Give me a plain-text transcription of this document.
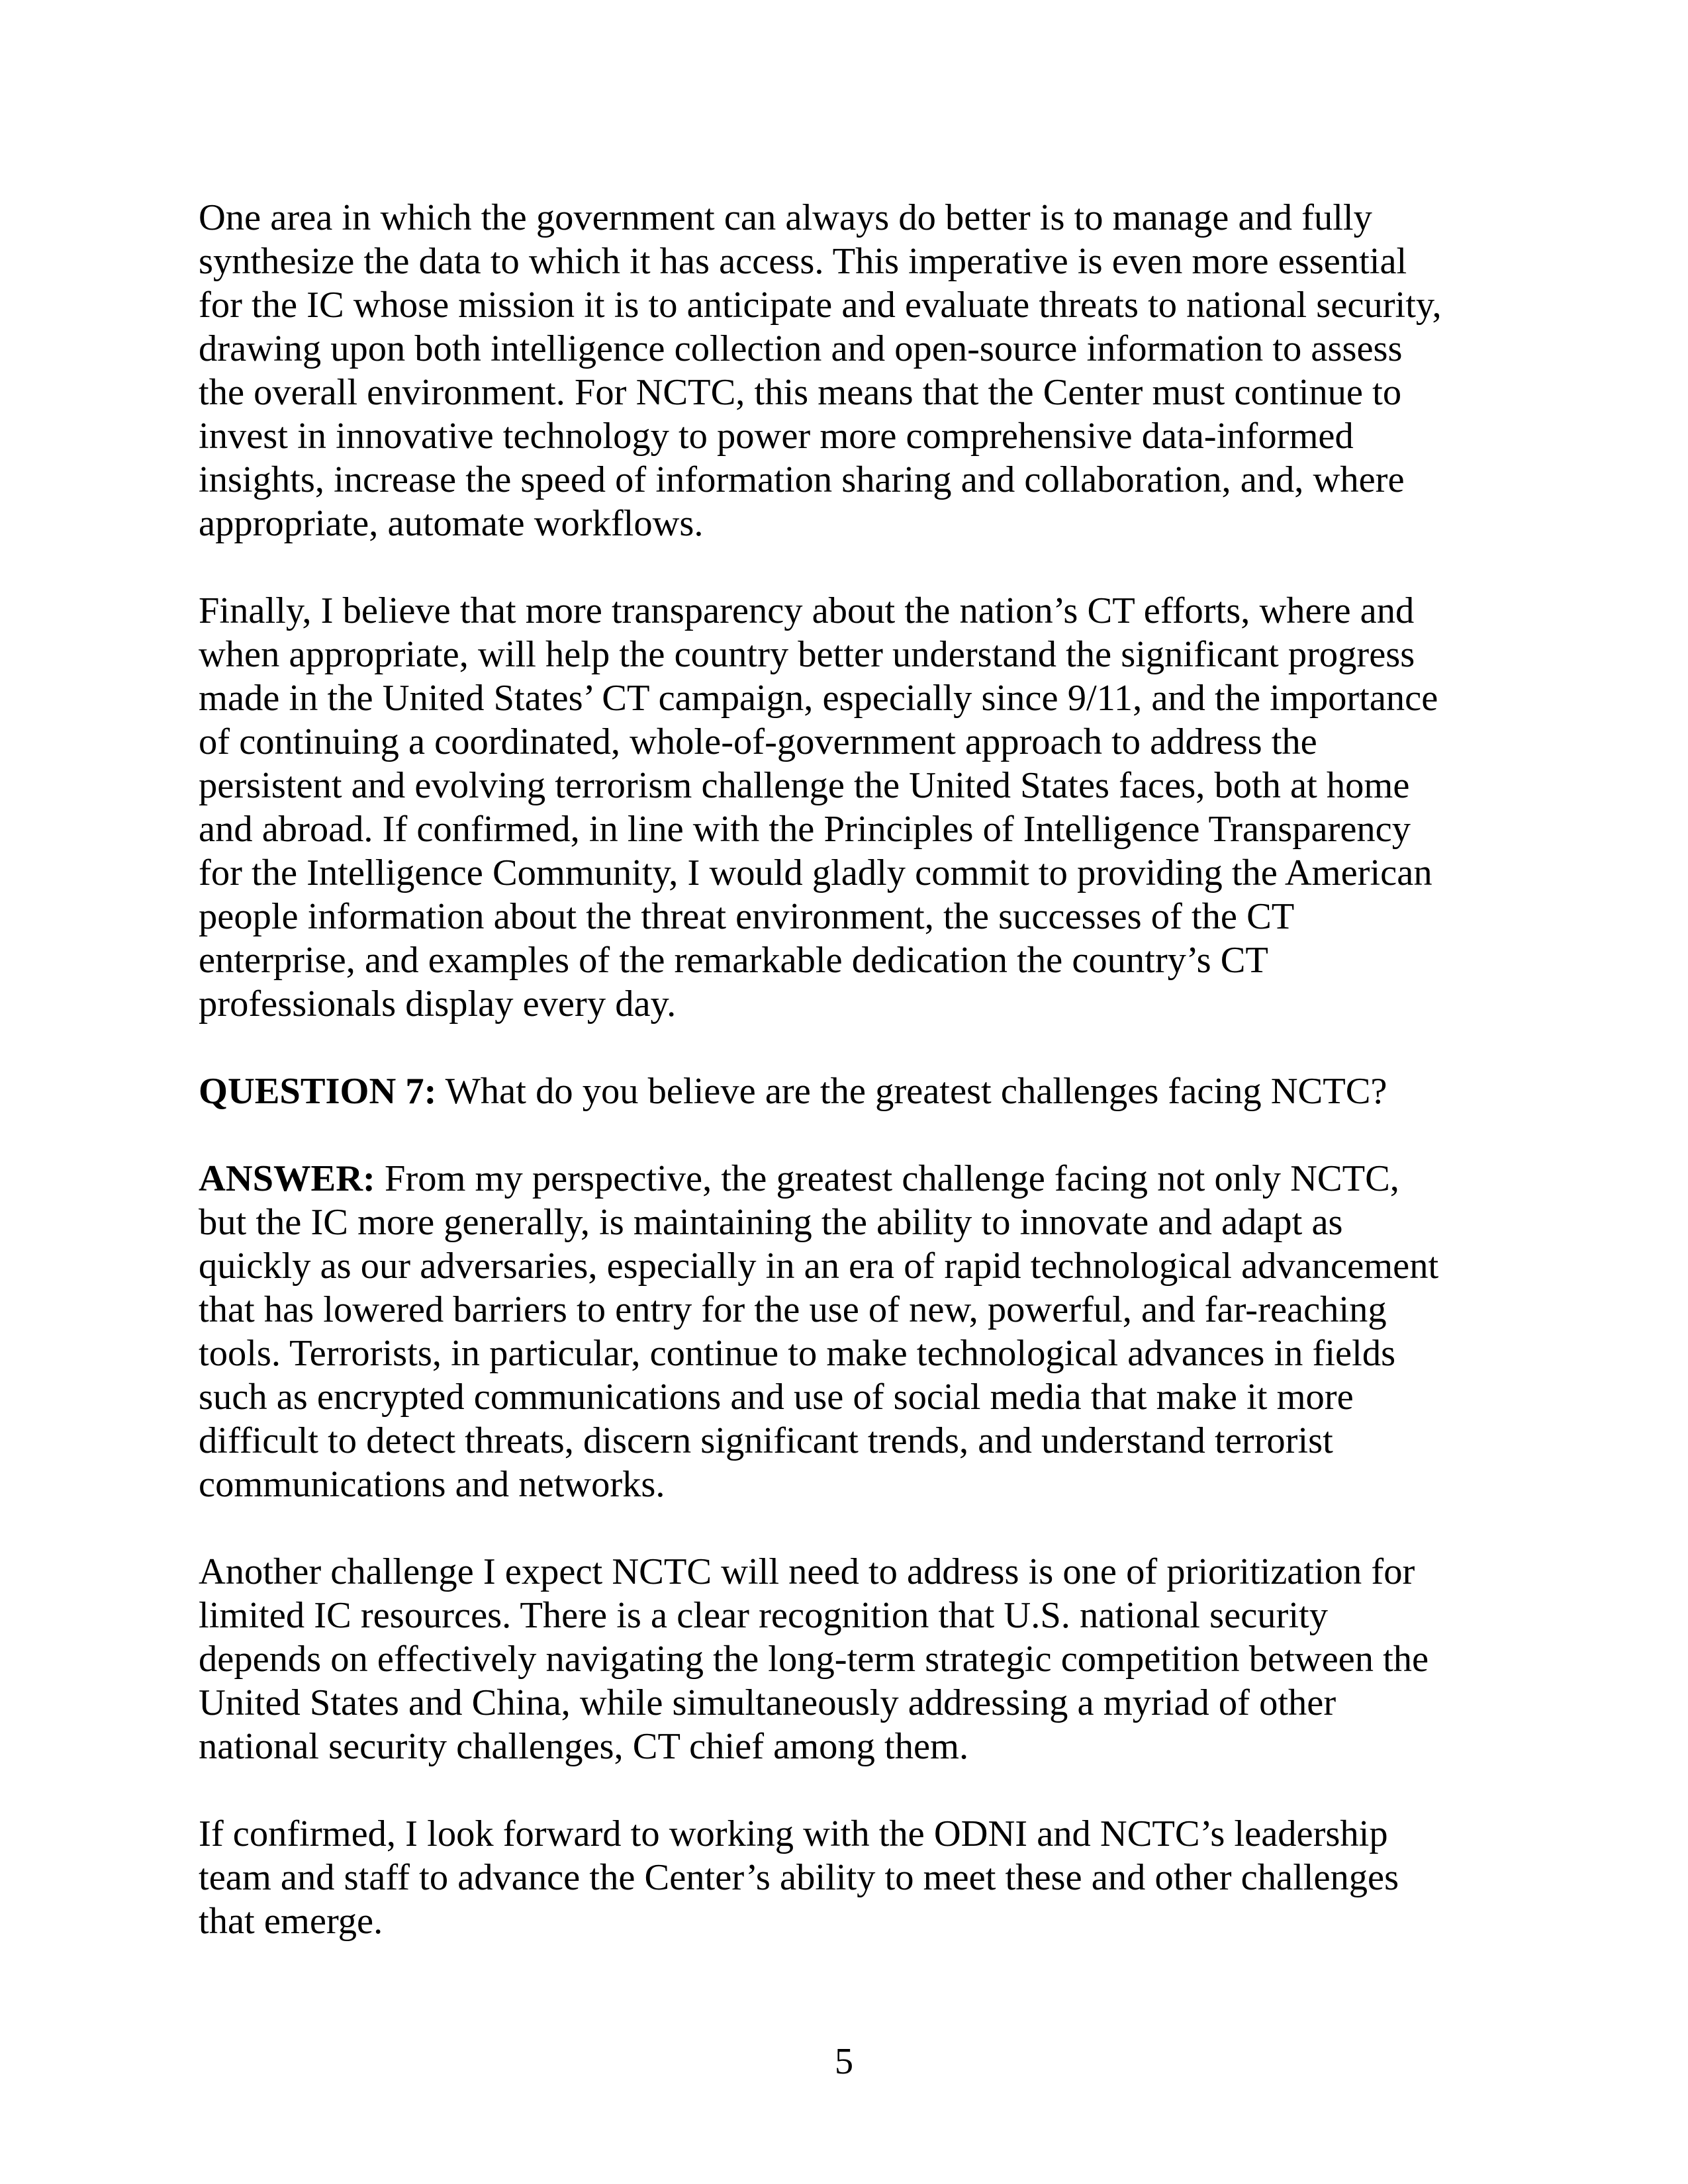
One area in which the government can always do better is to manage and fully
synthesize the data to which it has access. This imperative is even more essential
for the IC whose mission it is to anticipate and evaluate threats to national security,
drawing upon both intelligence collection and open-source information to assess
the overall environment. For NCTC, this means that the Center must continue to
invest in innovative technology to power more comprehensive data-informed
insights, increase the speed of information sharing and collaboration, and, where
appropriate, automate workflows.

Finally, I believe that more transparency about the nation’s CT efforts, where and
when appropriate, will help the country better understand the significant progress
made in the United States’ CT campaign, especially since 9/11, and the importance
of continuing a coordinated, whole-of-government approach to address the
persistent and evolving terrorism challenge the United States faces, both at home
and abroad. If confirmed, in line with the Principles of Intelligence Transparency
for the Intelligence Community, I would gladly commit to providing the American
people information about the threat environment, the successes of the CT
enterprise, and examples of the remarkable dedication the country’s CT
professionals display every day.

QUESTION 7: What do you believe are the greatest challenges facing NCTC?

ANSWER: From my perspective, the greatest challenge facing not only NCTC,
but the IC more generally, is maintaining the ability to innovate and adapt as
quickly as our adversaries, especially in an era of rapid technological advancement
that has lowered barriers to entry for the use of new, powerful, and far-reaching
tools. Terrorists, in particular, continue to make technological advances in fields
such as encrypted communications and use of social media that make it more
difficult to detect threats, discern significant trends, and understand terrorist
communications and networks.

Another challenge I expect NCTC will need to address is one of prioritization for
limited IC resources. There is a clear recognition that U.S. national security
depends on effectively navigating the long-term strategic competition between the
United States and China, while simultaneously addressing a myriad of other
national security challenges, CT chief among them.

If confirmed, I look forward to working with the ODNI and NCTC’s leadership
team and staff to advance the Center’s ability to meet these and other challenges
that emerge.

5
